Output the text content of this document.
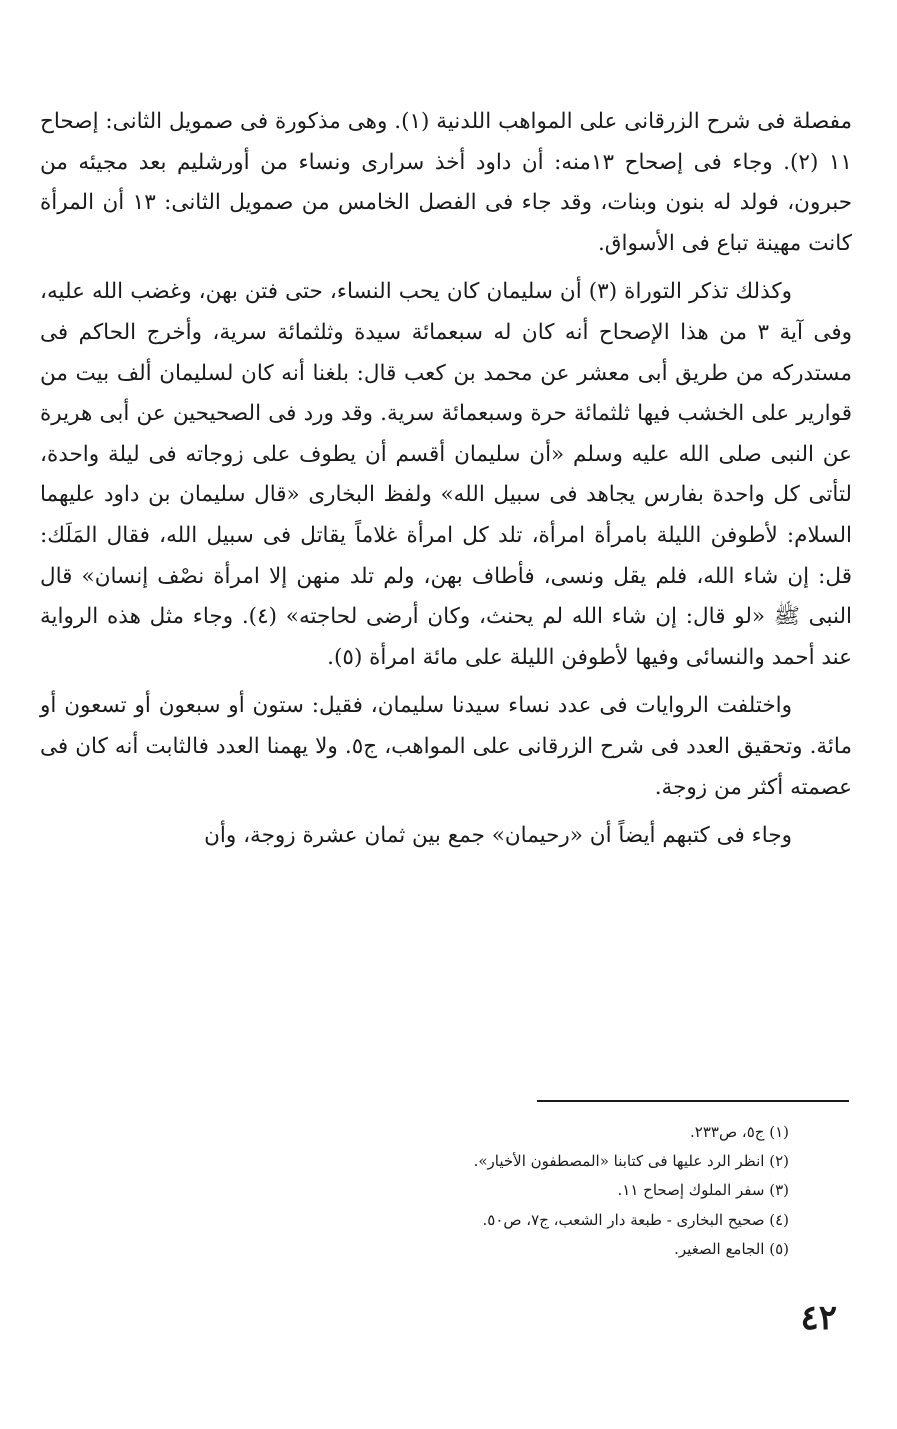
مفصلة فى شرح الزرقانى على المواهب اللدنية (١). وهى مذكورة فى صمويل الثانى: إصحاح ١١ (٢). وجاء فى إصحاح ١٣منه: أن داود أخذ سرارى ونساء من أورشليم بعد مجيئه من حبرون، فولد له بنون وبنات، وقد جاء فى الفصل الخامس من صمويل الثانى: ١٣ أن المرأة كانت مهينة تباع فى الأسواق.

وكذلك تذكر التوراة (٣) أن سليمان كان يحب النساء، حتى فتن بهن، وغضب الله عليه، وفى آية ٣ من هذا الإصحاح أنه كان له سبعمائة سيدة وثلثمائة سرية، وأخرج الحاكم فى مستدركه من طريق أبى معشر عن محمد بن كعب قال: بلغنا أنه كان لسليمان ألف بيت من قوارير على الخشب فيها ثلثمائة حرة وسبعمائة سرية. وقد ورد فى الصحيحين عن أبى هريرة عن النبى صلى الله عليه وسلم «أن سليمان أقسم أن يطوف على زوجاته فى ليلة واحدة، لتأتى كل واحدة بفارس يجاهد فى سبيل الله» ولفظ البخارى «قال سليمان بن داود عليهما السلام: لأطوفن الليلة بامرأة امرأة، تلد كل امرأة غلاماً يقاتل فى سبيل الله، فقال المَلَك: قل: إن شاء الله، فلم يقل ونسى، فأطاف بهن، ولم تلد منهن إلا امرأة نصْف إنسان» قال النبى ﷺ «لو قال: إن شاء الله لم يحنث، وكان أرضى لحاجته» (٤). وجاء مثل هذه الرواية عند أحمد والنسائى وفيها لأطوفن الليلة على مائة امرأة (٥).

واختلفت الروايات فى عدد نساء سيدنا سليمان، فقيل: ستون أو سبعون أو تسعون أو مائة. وتحقيق العدد فى شرح الزرقانى على المواهب، ج٥. ولا يهمنا العدد فالثابت أنه كان فى عصمته أكثر من زوجة.

وجاء فى كتبهم أيضاً أن «رحيمان» جمع بين ثمان عشرة زوجة، وأن

(١) ج٥، ص٢٣٣.

(٢) انظر الرد عليها فى كتابنا «المصطفون الأخيار».

(٣) سفر الملوك إصحاح ١١.

(٤) صحيح البخارى - طبعة دار الشعب، ج٧، ص٥٠.

(٥) الجامع الصغير.

٤٢
